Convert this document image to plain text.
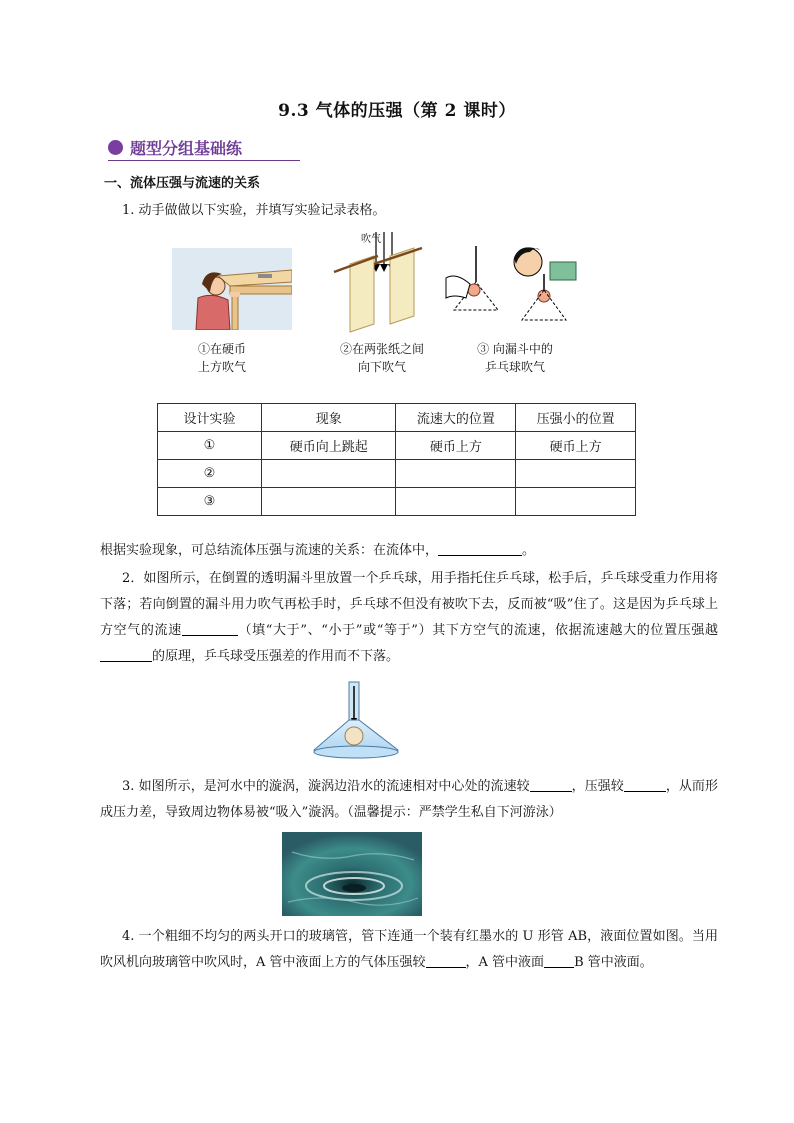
9.3 气体的压强（第 2 课时）
题型分组基础练
一、流体压强与流速的关系
1. 动手做做以下实验，并填写实验记录表格。
①在硬币
上方吹气
吹气
②在两张纸之间
向下吹气
③ 向漏斗中的
乒乓球吹气
设计实验	现象	流速大的位置	压强小的位置
①	硬币向上跳起	硬币上方	硬币上方
②			
③			
根据实验现象，可总结流体压强与流速的关系：在流体中，	。
2．如图所示，在倒置的透明漏斗里放置一个乒乓球，用手指托住乒乓球，松手后，乒乓球受重力作用将下落；若向倒置的漏斗用力吹气再松手时，乒乓球不但没有被吹下去，反而被“吸”住了。这是因为乒乓球上方空气的流速	（填“大于”、“小于”或“等于”）其下方空气的流速，依据流速越大的位置压强越的原理，乒乓球受压强差的作用而不下落。
3. 如图所示，是河水中的漩涡，漩涡边沿水的流速相对中心处的流速较	，压强较	，从而形成压力差，导致周边物体易被“吸入”漩涡。（温馨提示：严禁学生私自下河游泳）
4. 一个粗细不均匀的两头开口的玻璃管，管下连通一个装有红墨水的 U 形管 AB，液面位置如图。当用吹风机向玻璃管中吹风时，A 管中液面上方的气体压强较	，A 管中液面 B 管中液面。
